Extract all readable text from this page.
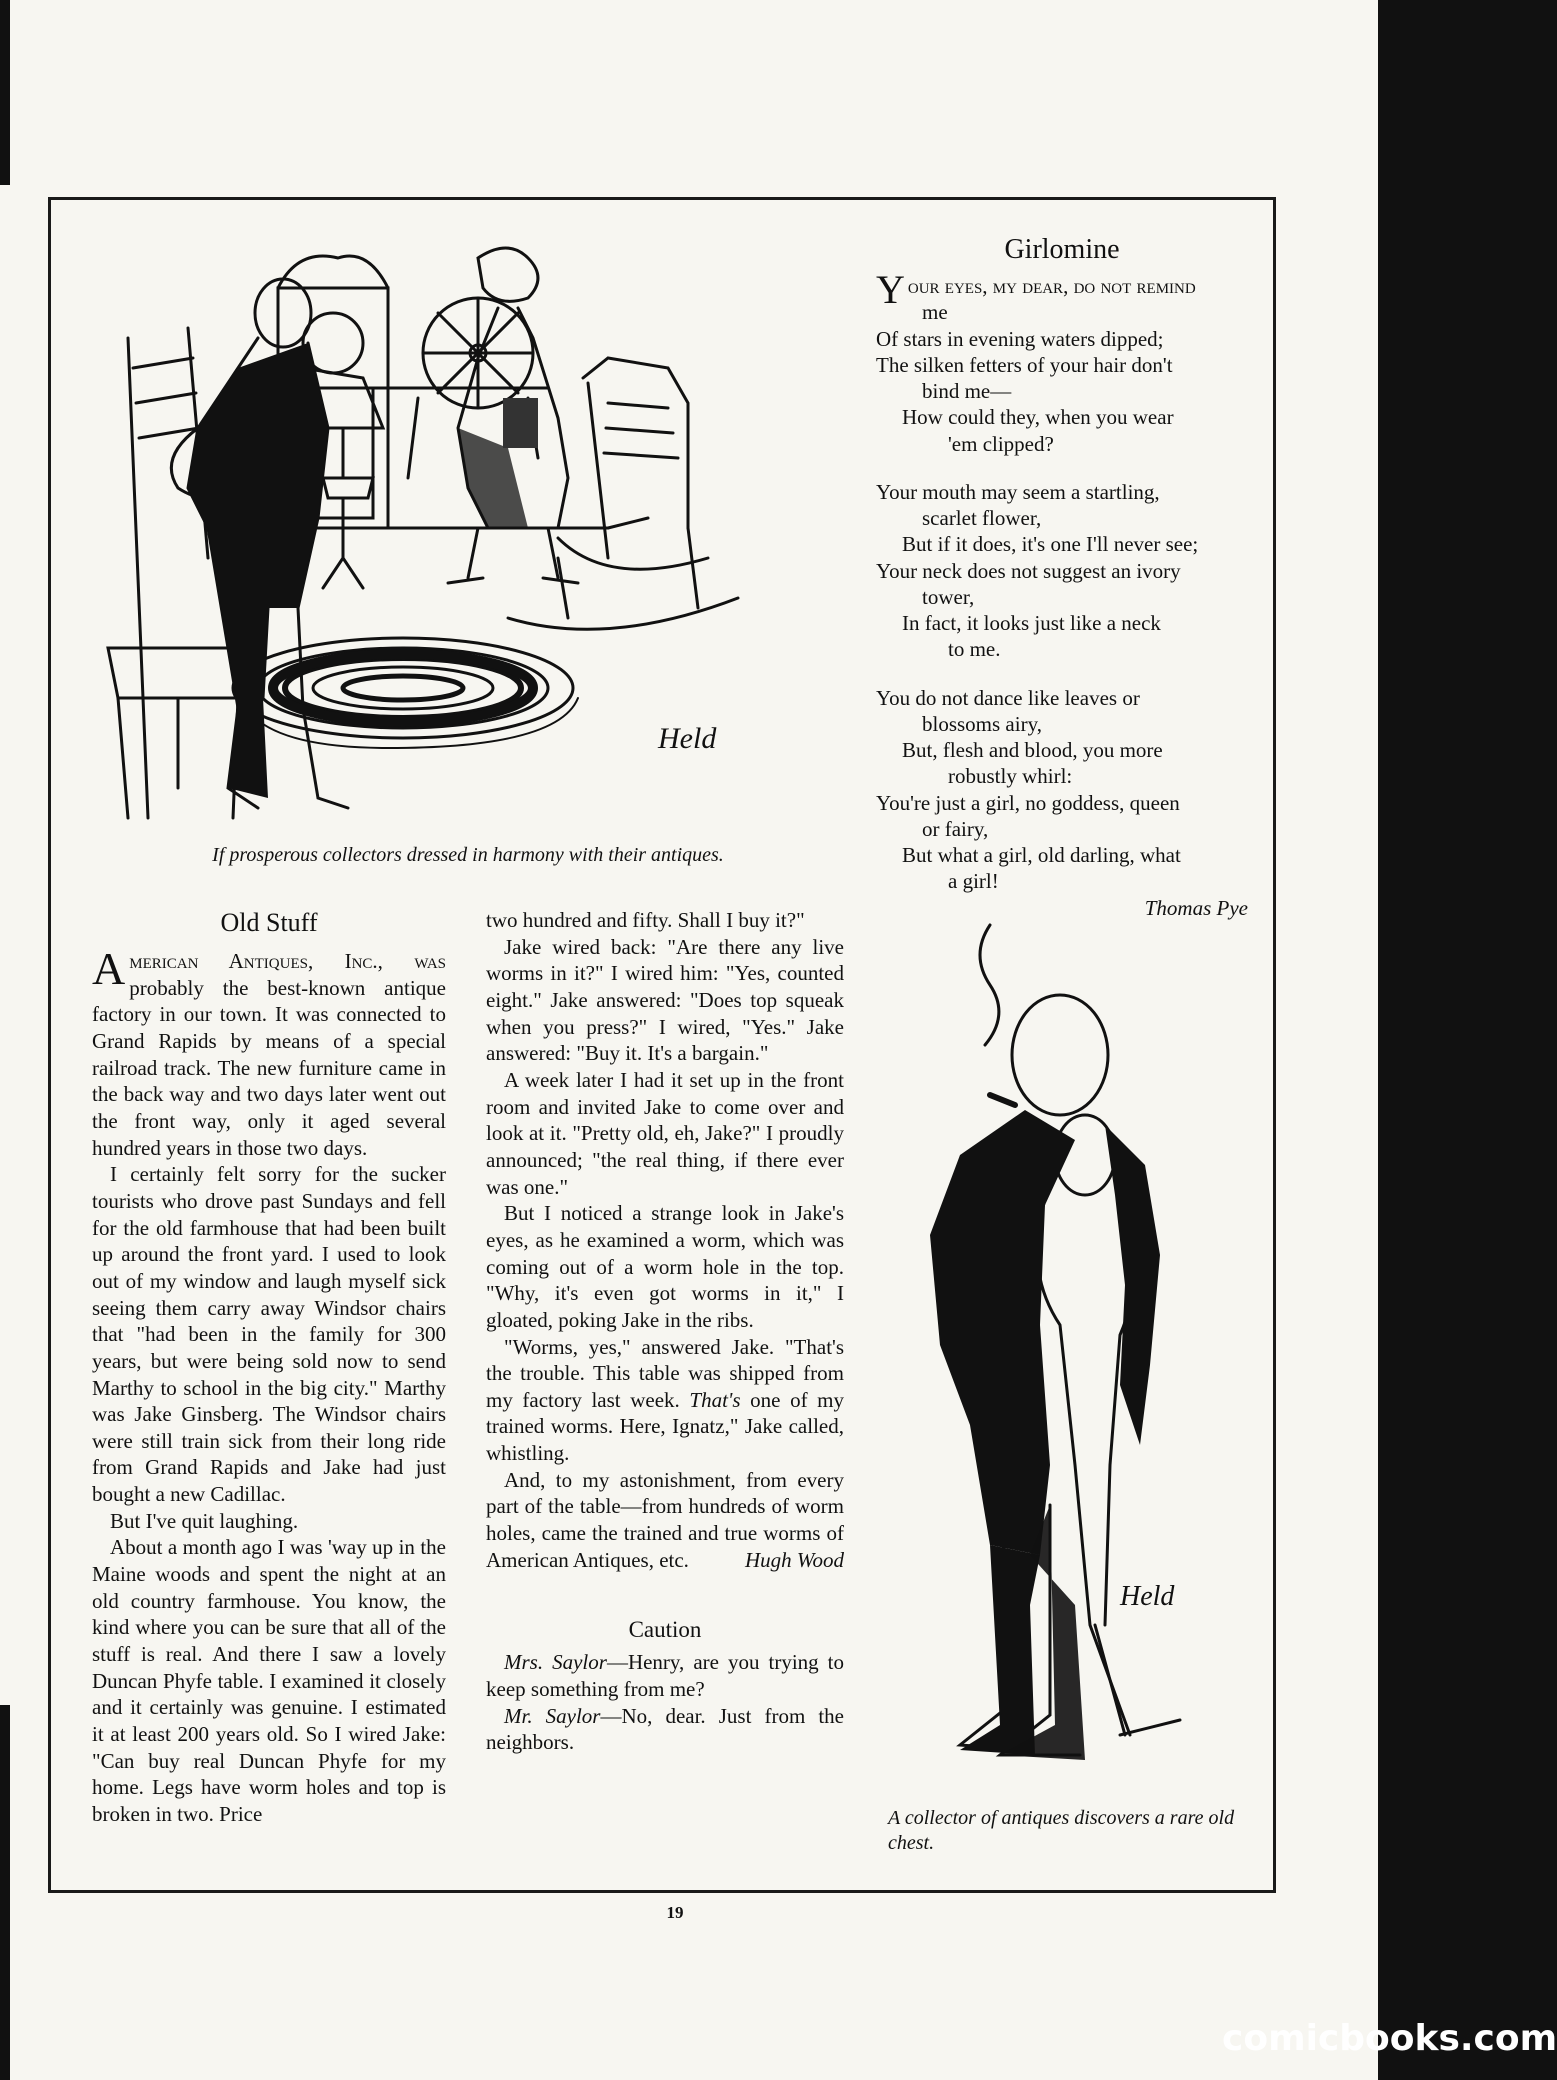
Held
If prosperous collectors dressed in harmony with their antiques.
Girlomine
Your eyes, my dear, do not remind
me
Of stars in evening waters dipped;
The silken fetters of your hair don't
bind me—
How could they, when you wear
'em clipped?
Your mouth may seem a startling,
scarlet flower,
But if it does, it's one I'll never see;
Your neck does not suggest an ivory
tower,
In fact, it looks just like a neck
to me.
You do not dance like leaves or
blossoms airy,
But, flesh and blood, you more
robustly whirl:
You're just a girl, no goddess, queen
or fairy,
But what a girl, old darling, what
a girl!
Thomas Pye
Held
A collector of antiques discovers a rare old chest.
Old Stuff

American Antiques, Inc., was probably the best-known antique factory in our town. It was connected to Grand Rapids by means of a special railroad track. The new furniture came in the back way and two days later went out the front way, only it aged several hundred years in those two days.

I certainly felt sorry for the sucker tourists who drove past Sundays and fell for the old farmhouse that had been built up around the front yard. I used to look out of my window and laugh myself sick seeing them carry away Windsor chairs that "had been in the family for 300 years, but were being sold now to send Marthy to school in the big city." Marthy was Jake Ginsberg. The Windsor chairs were still train sick from their long ride from Grand Rapids and Jake had just bought a new Cadillac.

But I've quit laughing.

About a month ago I was 'way up in the Maine woods and spent the night at an old country farmhouse. You know, the kind where you can be sure that all of the stuff is real. And there I saw a lovely Duncan Phyfe table. I examined it closely and it certainly was genuine. I estimated it at least 200 years old. So I wired Jake: "Can buy real Duncan Phyfe for my home. Legs have worm holes and top is broken in two. Price

two hundred and fifty. Shall I buy it?"

Jake wired back: "Are there any live worms in it?" I wired him: "Yes, counted eight." Jake answered: "Does top squeak when you press?" I wired, "Yes." Jake answered: "Buy it. It's a bargain."

A week later I had it set up in the front room and invited Jake to come over and look at it. "Pretty old, eh, Jake?" I proudly announced; "the real thing, if there ever was one."

But I noticed a strange look in Jake's eyes, as he examined a worm, which was coming out of a worm hole in the top. "Why, it's even got worms in it," I gloated, poking Jake in the ribs.

"Worms, yes," answered Jake. "That's the trouble. This table was shipped from my factory last week. That's one of my trained worms. Here, Ignatz," Jake called, whistling.

And, to my astonishment, from every part of the table—from hundreds of worm holes, came the trained and true worms of American Antiques, etc.	Hugh Wood

Caution

Mrs. Saylor—Henry, are you trying to keep something from me?

Mr. Saylor—No, dear. Just from the neighbors.

19
comicbooks.com
